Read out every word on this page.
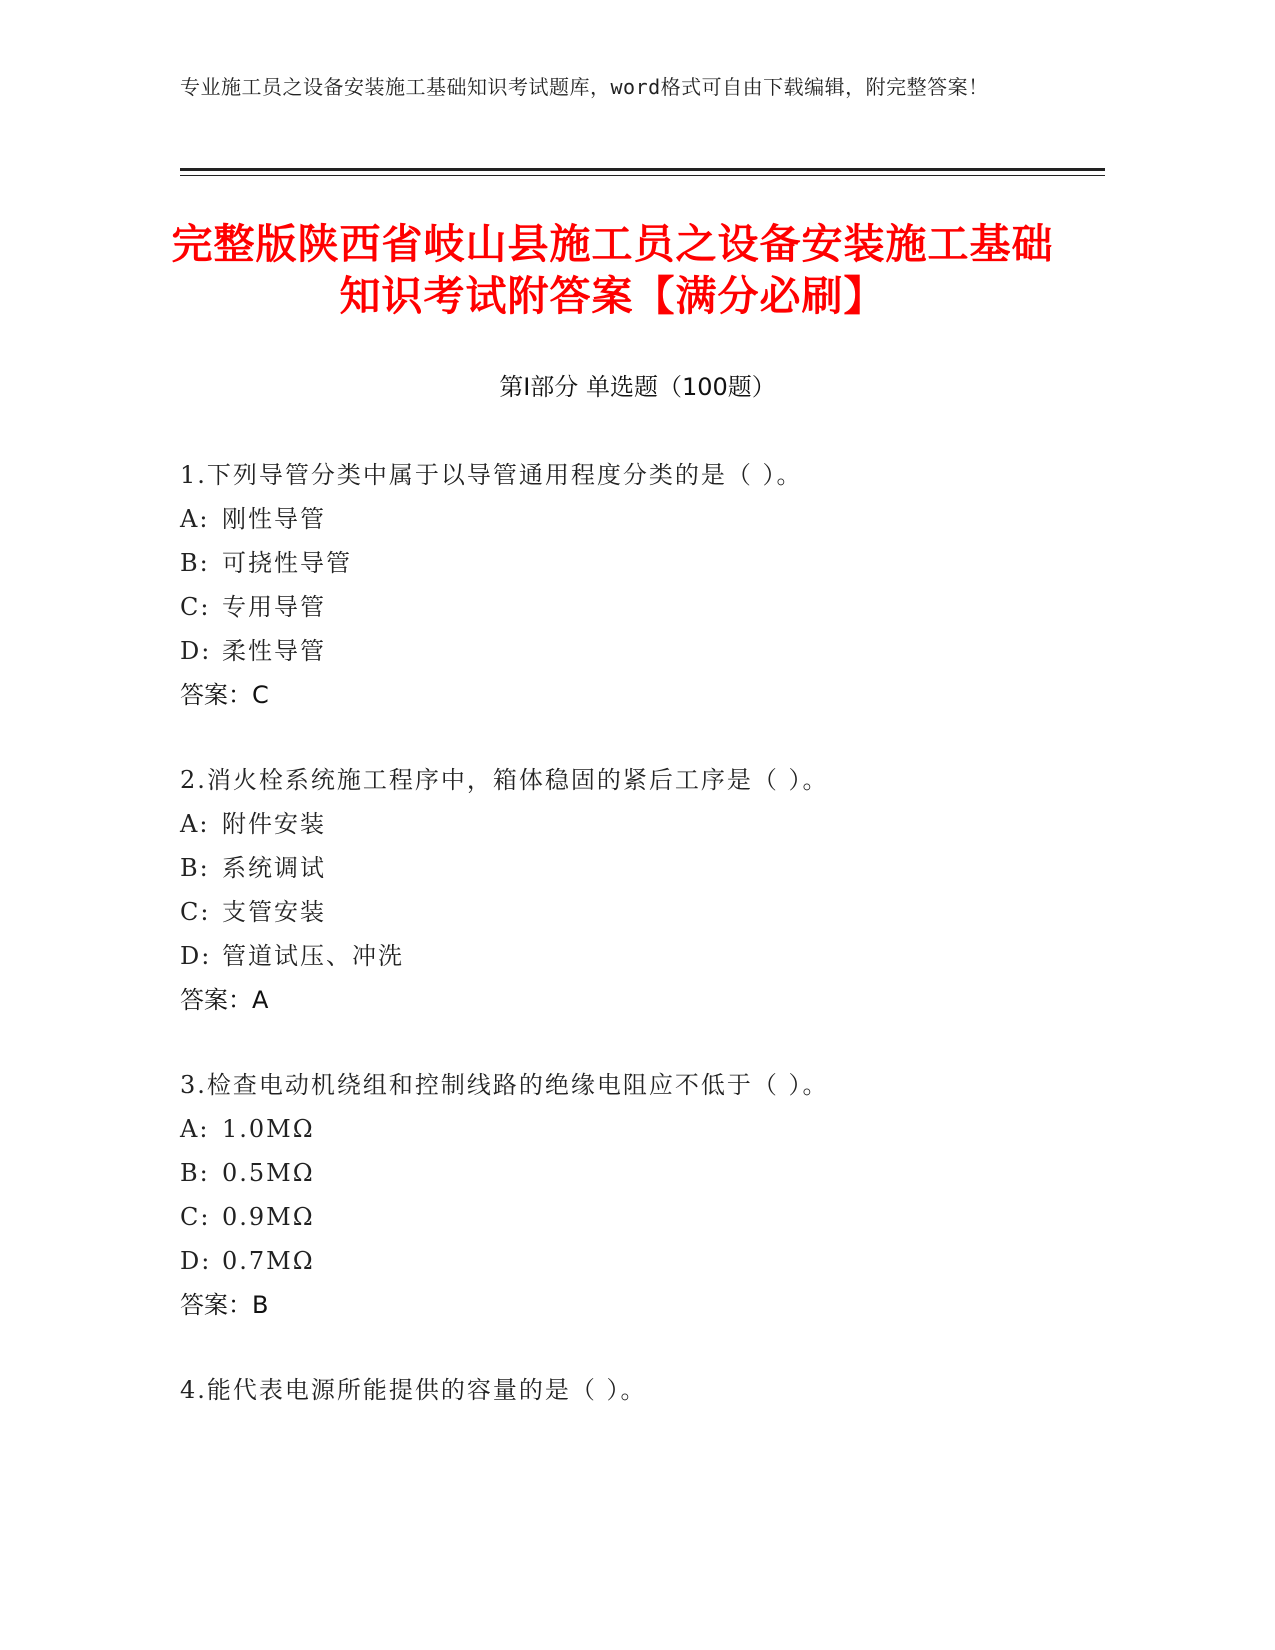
专业施工员之设备安装施工基础知识考试题库，word格式可自由下载编辑，附完整答案！
完整版陕西省岐山县施工员之设备安装施工基础知识考试附答案【满分必刷】
第Ⅰ部分 单选题（100题）
1.下列导管分类中属于以导管通用程度分类的是（ ）。
A: 刚性导管
B: 可挠性导管
C: 专用导管
D: 柔性导管
答案：C
2.消火栓系统施工程序中，箱体稳固的紧后工序是（ ）。
A: 附件安装
B: 系统调试
C: 支管安装
D: 管道试压、冲洗
答案：A
3.检查电动机绕组和控制线路的绝缘电阻应不低于（ ）。
A: 1.0MΩ
B: 0.5MΩ
C: 0.9MΩ
D: 0.7MΩ
答案：B
4.能代表电源所能提供的容量的是（ ）。
